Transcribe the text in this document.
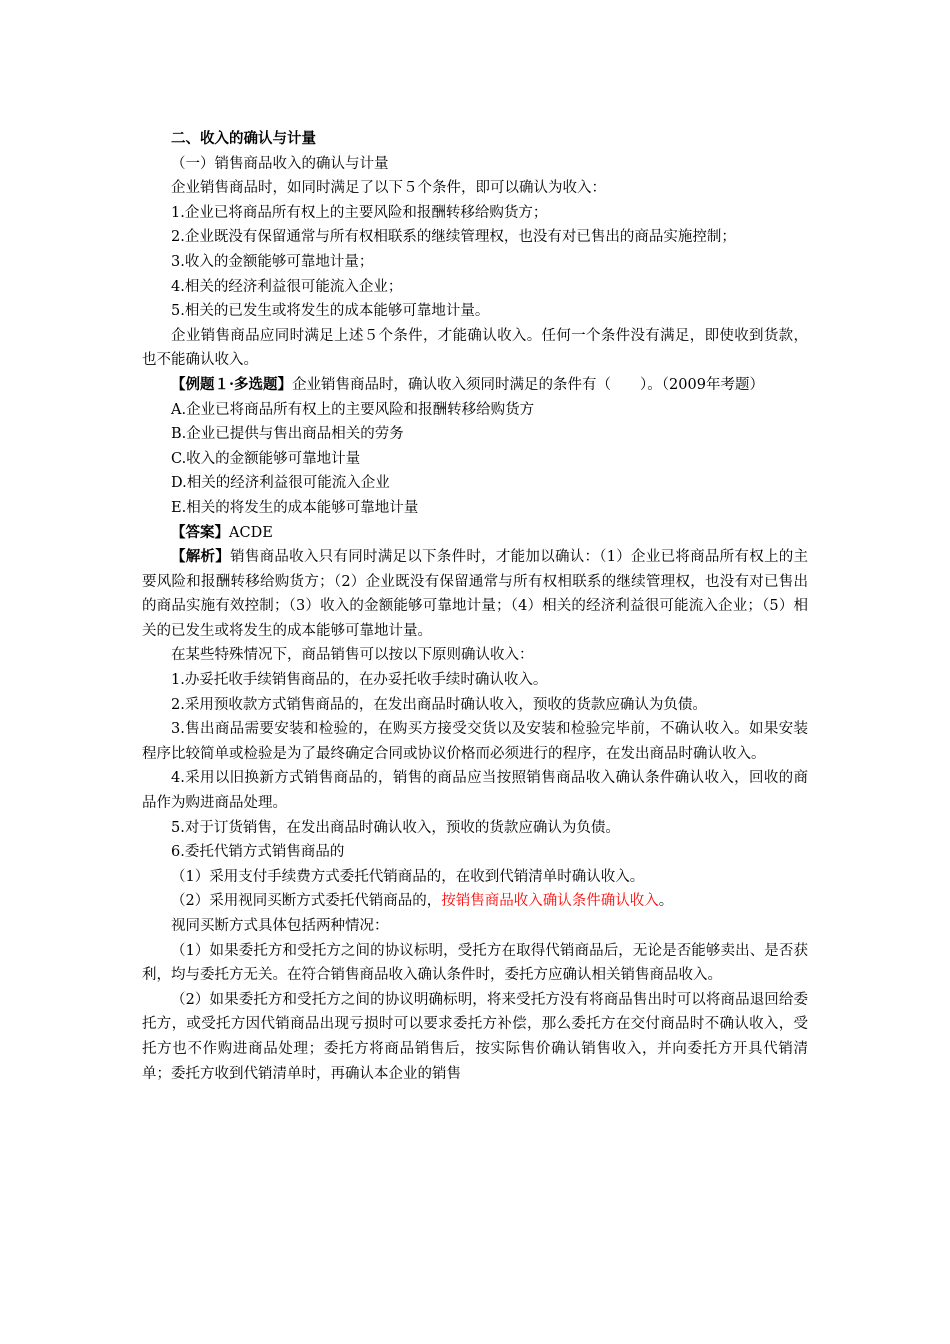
二、收入的确认与计量

（一）销售商品收入的确认与计量

企业销售商品时，如同时满足了以下５个条件，即可以确认为收入：

1.企业已将商品所有权上的主要风险和报酬转移给购货方；

2.企业既没有保留通常与所有权相联系的继续管理权，也没有对已售出的商品实施控制；

3.收入的金额能够可靠地计量；

4.相关的经济利益很可能流入企业；

5.相关的已发生或将发生的成本能够可靠地计量。

企业销售商品应同时满足上述５个条件，才能确认收入。任何一个条件没有满足，即使收到货款，也不能确认收入。

【例题１·多选题】企业销售商品时，确认收入须同时满足的条件有（　　）。（2009年考题）

A.企业已将商品所有权上的主要风险和报酬转移给购货方

B.企业已提供与售出商品相关的劳务

C.收入的金额能够可靠地计量

D.相关的经济利益很可能流入企业

E.相关的将发生的成本能够可靠地计量

【答案】ACDE

【解析】销售商品收入只有同时满足以下条件时，才能加以确认：（1）企业已将商品所有权上的主要风险和报酬转移给购货方；（2）企业既没有保留通常与所有权相联系的继续管理权，也没有对已售出的商品实施有效控制；（3）收入的金额能够可靠地计量；（4）相关的经济利益很可能流入企业；（5）相关的已发生或将发生的成本能够可靠地计量。

在某些特殊情况下，商品销售可以按以下原则确认收入：

1.办妥托收手续销售商品的，在办妥托收手续时确认收入。

2.采用预收款方式销售商品的，在发出商品时确认收入，预收的货款应确认为负债。

3.售出商品需要安装和检验的，在购买方接受交货以及安装和检验完毕前，不确认收入。如果安装程序比较简单或检验是为了最终确定合同或协议价格而必须进行的程序，在发出商品时确认收入。

4.采用以旧换新方式销售商品的，销售的商品应当按照销售商品收入确认条件确认收入，回收的商品作为购进商品处理。

5.对于订货销售，在发出商品时确认收入，预收的货款应确认为负债。

6.委托代销方式销售商品的

（1）采用支付手续费方式委托代销商品的，在收到代销清单时确认收入。

（2）采用视同买断方式委托代销商品的，按销售商品收入确认条件确认收入。

视同买断方式具体包括两种情况：

（1）如果委托方和受托方之间的协议标明，受托方在取得代销商品后，无论是否能够卖出、是否获利，均与委托方无关。在符合销售商品收入确认条件时，委托方应确认相关销售商品收入。

（2）如果委托方和受托方之间的协议明确标明，将来受托方没有将商品售出时可以将商品退回给委托方，或受托方因代销商品出现亏损时可以要求委托方补偿，那么委托方在交付商品时不确认收入，受托方也不作购进商品处理；委托方将商品销售后，按实际售价确认销售收入，并向委托方开具代销清单；委托方收到代销清单时，再确认本企业的销售
